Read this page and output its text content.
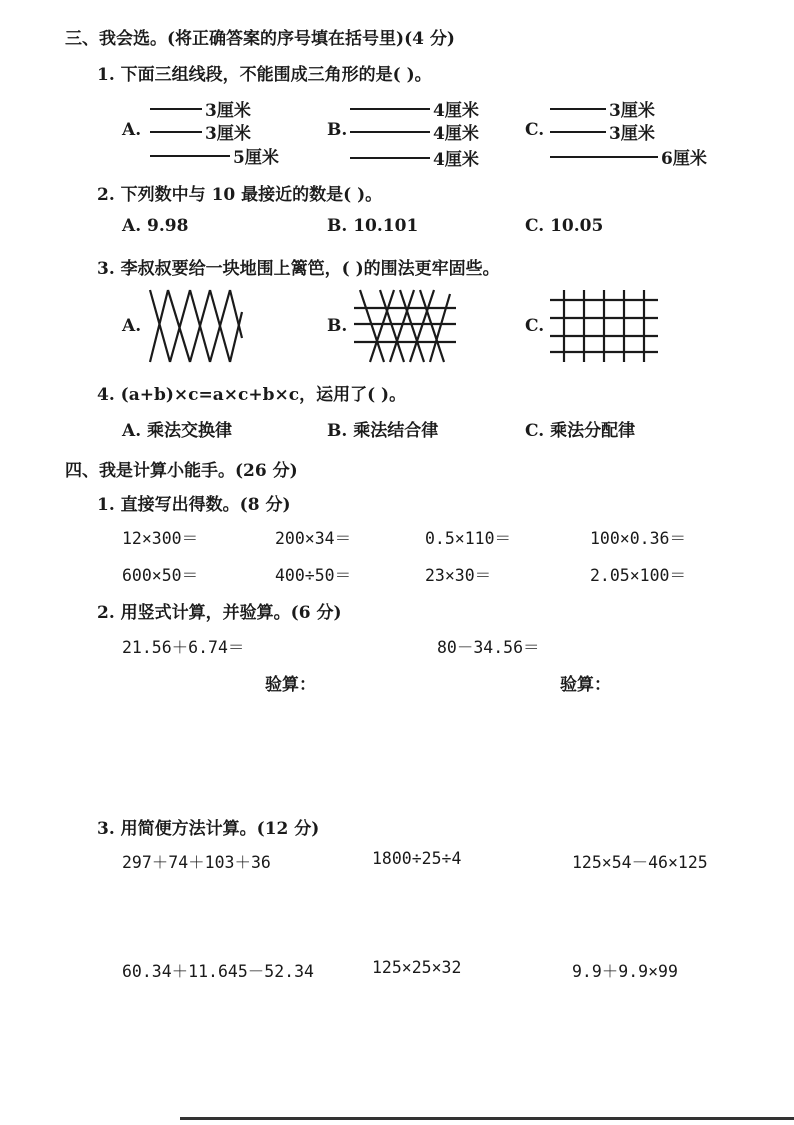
三、我会选。(将正确答案的序号填在括号里)(4 分)
1. 下面三组线段，不能围成三角形的是( )。
A.
3厘米
3厘米
5厘米
B.
4厘米
4厘米
4厘米
C.
3厘米
3厘米
6厘米
2. 下列数中与 10 最接近的数是( )。
A. 9.98	B. 10.101	C. 10.05
3. 李叔叔要给一块地围上篱笆，( )的围法更牢固些。
A.	B.	C.
4. (a+b)×c=a×c+b×c，运用了( )。
A. 乘法交换律	B. 乘法结合律	C. 乘法分配律
四、我是计算小能手。(26 分)
1. 直接写出得数。(8 分)
12×300＝	200×34＝	0.5×110＝	100×0.36＝
600×50＝	400÷50＝	23×30＝	2.05×100＝
2. 用竖式计算，并验算。(6 分)
21.56＋6.74＝	80－34.56＝
验算：	验算：
3. 用简便方法计算。(12 分)
297＋74＋103＋36	1800÷25÷4	125×54－46×125
60.34＋11.645－52.34	125×25×32	9.9＋9.9×99
